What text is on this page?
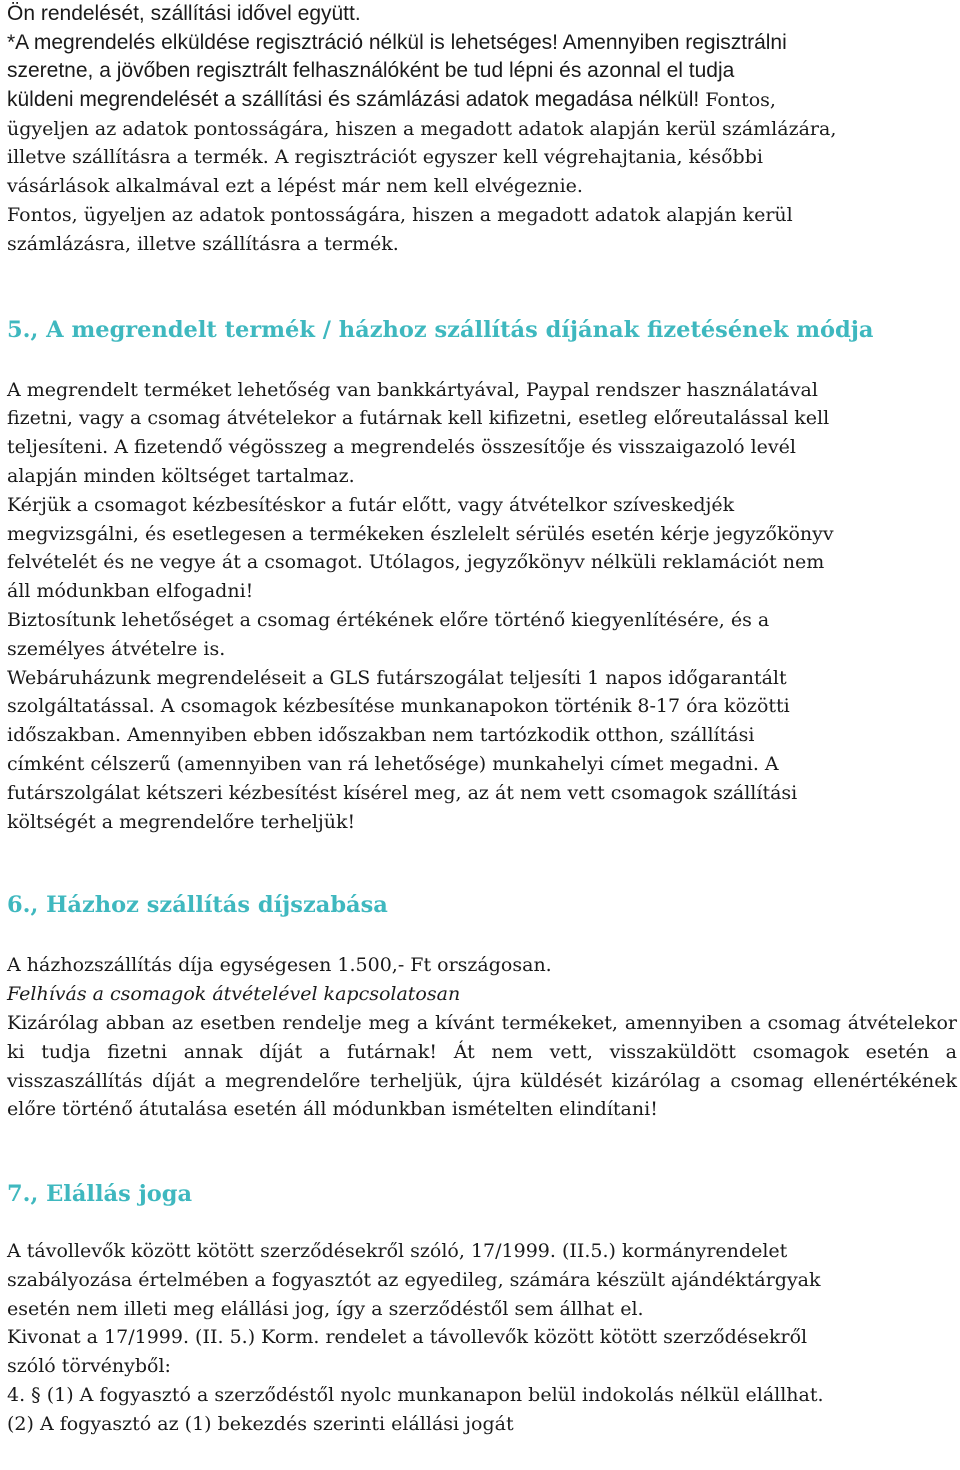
Ön rendelését, szállítási idővel együtt.
*A megrendelés elküldése regisztráció nélkül is lehetséges! Amennyiben regisztrálni
szeretne, a jövőben regisztrált felhasználóként be tud lépni és azonnal el tudja
küldeni megrendelését a szállítási és számlázási adatok megadása nélkül! Fontos,

ügyeljen az adatok pontosságára, hiszen a megadott adatok alapján kerül számlázára,
illetve szállításra a termék. A regisztrációt egyszer kell végrehajtania, későbbi
vásárlások alkalmával ezt a lépést már nem kell elvégeznie.
Fontos, ügyeljen az adatok pontosságára, hiszen a megadott adatok alapján kerül
számlázásra, illetve szállításra a termék.

5., A megrendelt termék / házhoz szállítás díjának fizetésének módja

A megrendelt terméket lehetőség van bankkártyával, Paypal rendszer használatával
fizetni, vagy a csomag átvételekor a futárnak kell kifizetni, esetleg előreutalással kell
teljesíteni. A fizetendő végösszeg a megrendelés összesítője és visszaigazoló levél
alapján minden költséget tartalmaz.
Kérjük a csomagot kézbesítéskor a futár előtt, vagy átvételkor szíveskedjék
megvizsgálni, és esetlegesen a termékeken észlelelt sérülés esetén kérje jegyzőkönyv
felvételét és ne vegye át a csomagot. Utólagos, jegyzőkönyv nélküli reklamációt nem
áll módunkban elfogadni!
Biztosítunk lehetőséget a csomag értékének előre történő kiegyenlítésére, és a
személyes átvételre is.
Webáruházunk megrendeléseit a GLS futárszogálat teljesíti 1 napos időgarantált
szolgáltatással. A csomagok kézbesítése munkanapokon történik 8-17 óra közötti
időszakban. Amennyiben ebben időszakban nem tartózkodik otthon, szállítási
címként célszerű (amennyiben van rá lehetősége) munkahelyi címet megadni. A
futárszolgálat kétszeri kézbesítést kísérel meg, az át nem vett csomagok szállítási
költségét a megrendelőre terheljük!

6., Házhoz szállítás díjszabása

A házhozszállítás díja egységesen 1.500,- Ft országosan.

Felhívás a csomagok átvételével kapcsolatosan

Kizárólag abban az esetben rendelje meg a kívánt termékeket, amennyiben a csomag átvételekor ki tudja fizetni annak díját a futárnak! Át nem vett, visszaküldött csomagok esetén a visszaszállítás díját a megrendelőre terheljük, újra küldését kizárólag a csomag ellenértékének előre történő átutalása esetén áll módunkban ismételten elindítani!

7., Elállás joga

A távollevők között kötött szerződésekről szóló, 17/1999. (II.5.) kormányrendelet
szabályozása értelmében a fogyasztót az egyedileg, számára készült ajándéktárgyak
esetén nem illeti meg elállási jog, így a szerződéstől sem állhat el.
Kivonat a 17/1999. (II. 5.) Korm. rendelet a távollevők között kötött szerződésekről
szóló törvényből:
4. § (1) A fogyasztó a szerződéstől nyolc munkanapon belül indokolás nélkül elállhat.
(2) A fogyasztó az (1) bekezdés szerinti elállási jogát
